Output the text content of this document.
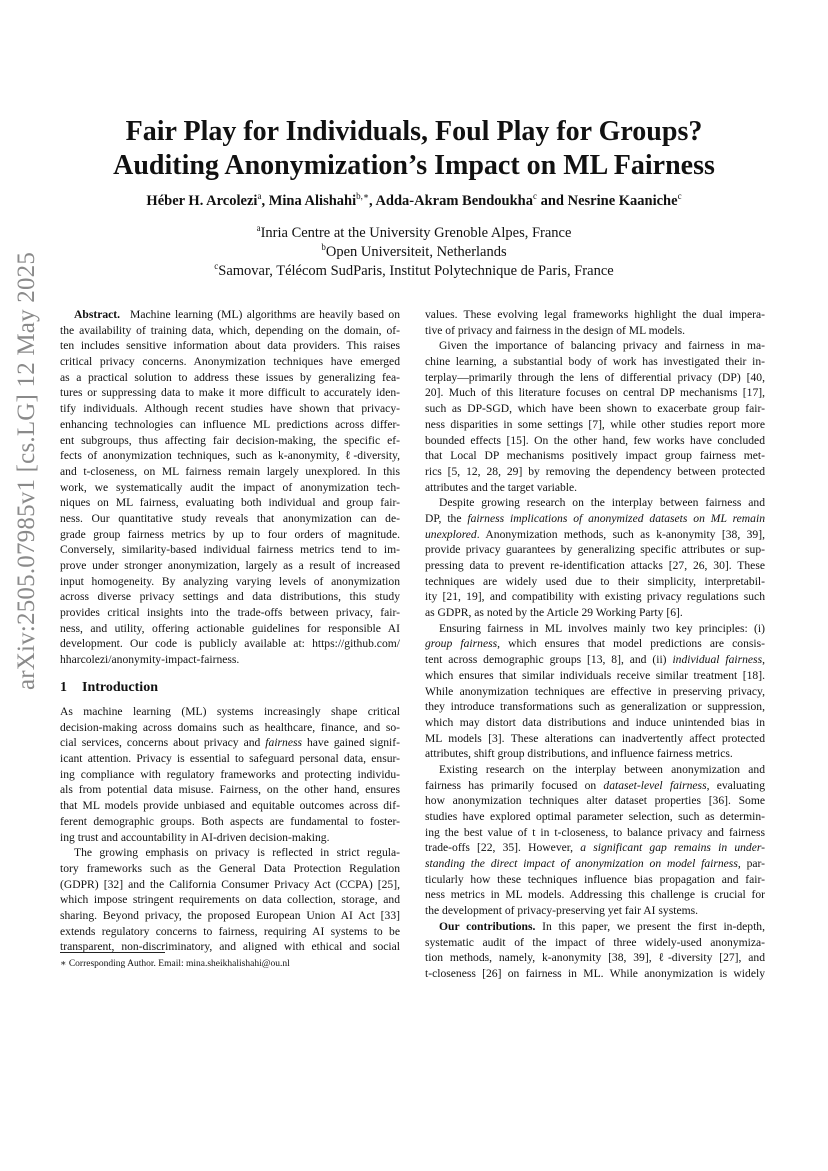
arXiv:2505.07985v1 [cs.LG] 12 May 2025
Fair Play for Individuals, Foul Play for Groups?
Auditing Anonymization’s Impact on ML Fairness
Héber H. Arcolezi$^a$, Mina Alishahi$^{b,∗}$, Adda-Akram Bendoukha$^c$ and Nesrine Kaaniche$^c$
$^a$Inria Centre at the University Grenoble Alpes, France
$^b$Open Universiteit, Netherlands
$^c$Samovar, Télécom SudParis, Institut Polytechnique de Paris, France
Abstract. Machine learning (ML) algorithms are heavily based on
the availability of training data, which, depending on the domain, of-
ten includes sensitive information about data providers. This raises
critical privacy concerns. Anonymization techniques have emerged
as a practical solution to address these issues by generalizing fea-
tures or suppressing data to make it more difficult to accurately iden-
tify individuals. Although recent studies have shown that privacy-
enhancing technologies can influence ML predictions across differ-
ent subgroups, thus affecting fair decision-making, the specific ef-
fects of anonymization techniques, such as k-anonymity, ℓ-diversity,
and t-closeness, on ML fairness remain largely unexplored. In this
work, we systematically audit the impact of anonymization tech-
niques on ML fairness, evaluating both individual and group fair-
ness. Our quantitative study reveals that anonymization can de-
grade group fairness metrics by up to four orders of magnitude.
Conversely, similarity-based individual fairness metrics tend to im-
prove under stronger anonymization, largely as a result of increased
input homogeneity. By analyzing varying levels of anonymization
across diverse privacy settings and data distributions, this study
provides critical insights into the trade-offs between privacy, fair-
ness, and utility, offering actionable guidelines for responsible AI
development. Our code is publicly available at: https://github.com/
hharcolezi/anonymity-impact-fairness.
1 Introduction
As machine learning (ML) systems increasingly shape critical
decision-making across domains such as healthcare, finance, and so-
cial services, concerns about privacy and fairness have gained signif-
icant attention. Privacy is essential to safeguard personal data, ensur-
ing compliance with regulatory frameworks and protecting individu-
als from potential data misuse. Fairness, on the other hand, ensures
that ML models provide unbiased and equitable outcomes across dif-
ferent demographic groups. Both aspects are fundamental to foster-
ing trust and accountability in AI-driven decision-making.
The growing emphasis on privacy is reflected in strict regula-
tory frameworks such as the General Data Protection Regulation
(GDPR) [32] and the California Consumer Privacy Act (CCPA) [25],
which impose stringent requirements on data collection, storage, and
sharing. Beyond privacy, the proposed European Union AI Act [33]
extends regulatory concerns to fairness, requiring AI systems to be
transparent, non-discriminatory, and aligned with ethical and social
values. These evolving legal frameworks highlight the dual impera-
tive of privacy and fairness in the design of ML models.
Given the importance of balancing privacy and fairness in ma-
chine learning, a substantial body of work has investigated their in-
terplay—primarily through the lens of differential privacy (DP) [40,
20]. Much of this literature focuses on central DP mechanisms [17],
such as DP-SGD, which have been shown to exacerbate group fair-
ness disparities in some settings [7], while other studies report more
bounded effects [15]. On the other hand, few works have concluded
that Local DP mechanisms positively impact group fairness met-
rics [5, 12, 28, 29] by removing the dependency between protected
attributes and the target variable.
Despite growing research on the interplay between fairness and
DP, the fairness implications of anonymized datasets on ML remain
unexplored. Anonymization methods, such as k-anonymity [38, 39],
provide privacy guarantees by generalizing specific attributes or sup-
pressing data to prevent re-identification attacks [27, 26, 30]. These
techniques are widely used due to their simplicity, interpretabil-
ity [21, 19], and compatibility with existing privacy regulations such
as GDPR, as noted by the Article 29 Working Party [6].
Ensuring fairness in ML involves mainly two key principles: (i)
group fairness, which ensures that model predictions are consis-
tent across demographic groups [13, 8], and (ii) individual fairness,
which ensures that similar individuals receive similar treatment [18].
While anonymization techniques are effective in preserving privacy,
they introduce transformations such as generalization or suppression,
which may distort data distributions and induce unintended bias in
ML models [3]. These alterations can inadvertently affect protected
attributes, shift group distributions, and influence fairness metrics.
Existing research on the interplay between anonymization and
fairness has primarily focused on dataset-level fairness, evaluating
how anonymization techniques alter dataset properties [36]. Some
studies have explored optimal parameter selection, such as determin-
ing the best value of t in t-closeness, to balance privacy and fairness
trade-offs [22, 35]. However, a significant gap remains in under-
standing the direct impact of anonymization on model fairness, par-
ticularly how these techniques influence bias propagation and fair-
ness metrics in ML models. Addressing this challenge is crucial for
the development of privacy-preserving yet fair AI systems.
Our contributions. In this paper, we present the first in-depth,
systematic audit of the impact of three widely-used anonymiza-
tion methods, namely, k-anonymity [38, 39], ℓ-diversity [27], and
t-closeness [26] on fairness in ML. While anonymization is widely
∗ Corresponding Author. Email: mina.sheikhalishahi@ou.nl
